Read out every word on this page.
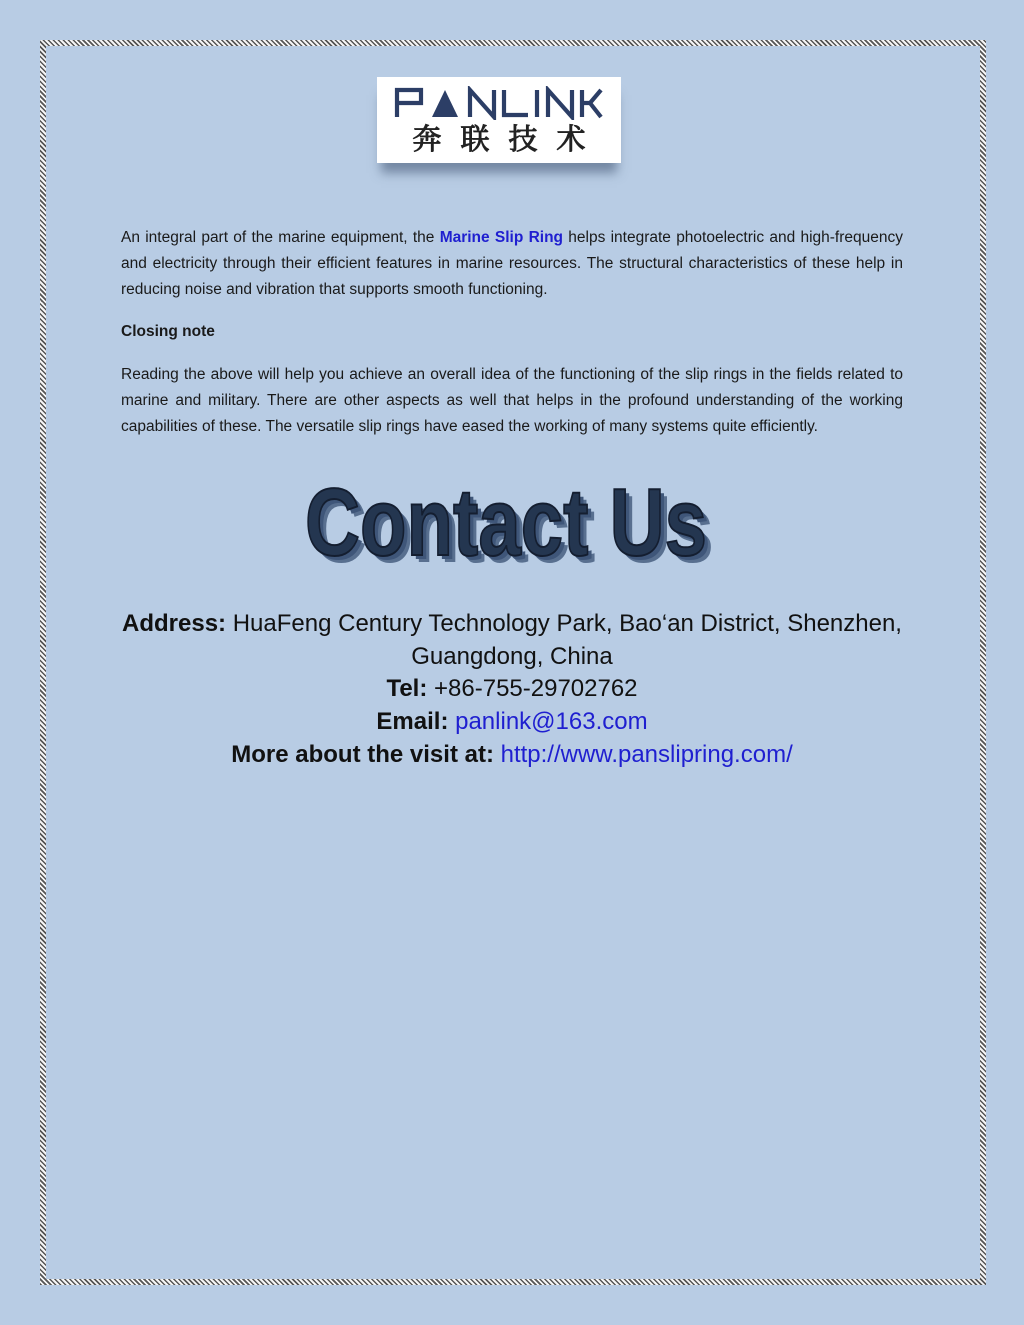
奔联技术

An integral part of the marine equipment, the Marine Slip Ring helps integrate photoelectric and high-frequency and electricity through their efficient features in marine resources. The structural characteristics of these help in reducing noise and vibration that supports smooth functioning.

Closing note

Reading the above will help you achieve an overall idea of the functioning of the slip rings in the fields related to marine and military. There are other aspects as well that helps in the profound understanding of the working capabilities of these. The versatile slip rings have eased the working of many systems quite efficiently.

Contact Us
Contact Us
Contact Us
Address: HuaFeng Century Technology Park, Bao‘an District, Shenzhen, Guangdong, China
Tel: +86-755-29702762
Email: panlink@163.com
More about the visit at: http://www.panslipring.com/
